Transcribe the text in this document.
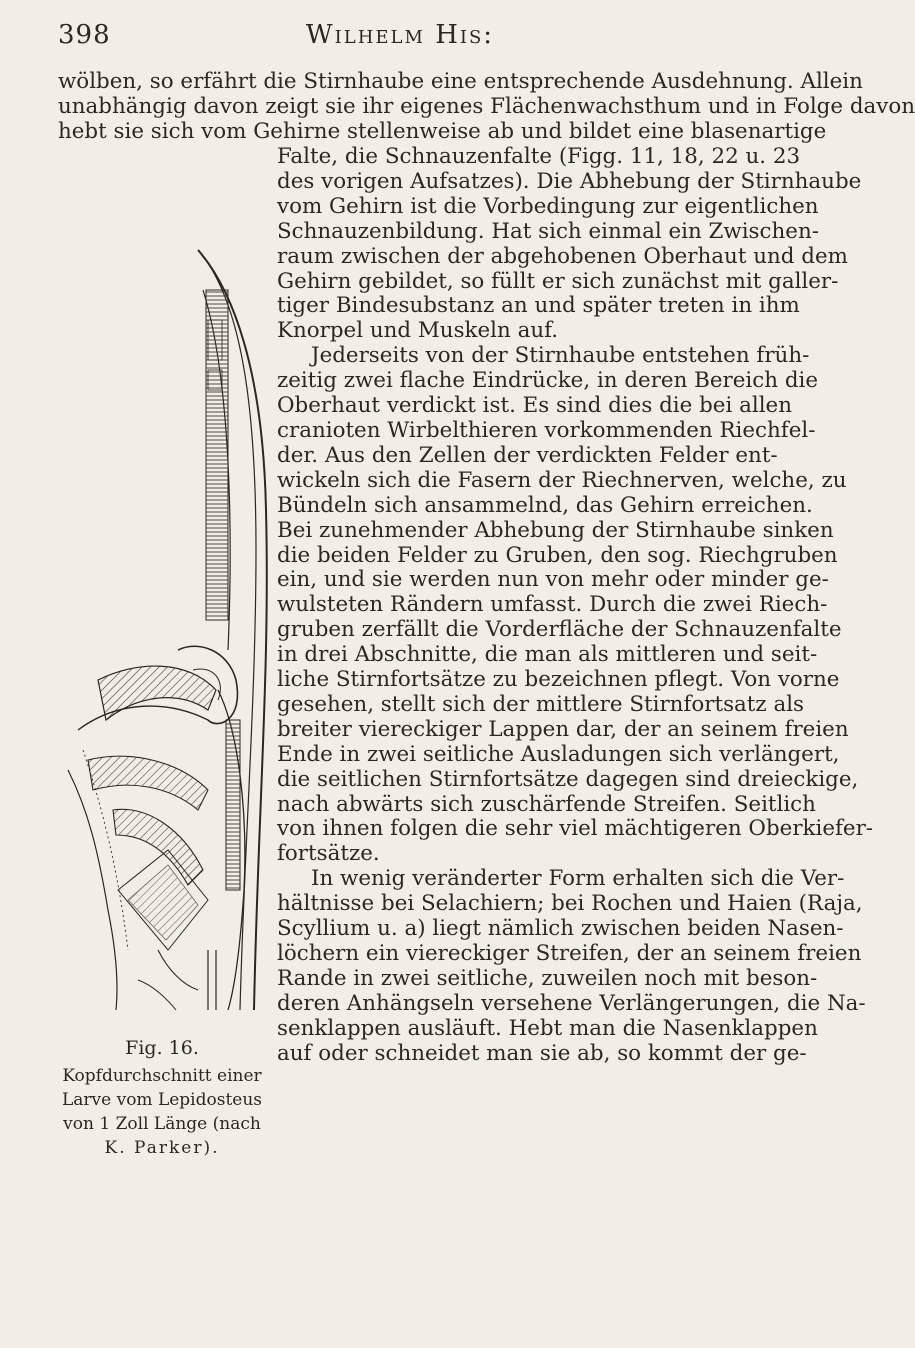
398	Wilhelm His:
wölben, so erfährt die Stirnhaube eine entsprechende Ausdehnung. Allein
unabhängig davon zeigt sie ihr eigenes Flächenwachsthum und in Folge davon
hebt sie sich vom Gehirne stellenweise ab und bildet eine blasenartige
Falte, die Schnauzenfalte (Figg. 11, 18, 22 u. 23
des vorigen Aufsatzes). Die Abhebung der Stirnhaube
vom Gehirn ist die Vorbedingung zur eigentlichen
Schnauzenbildung. Hat sich einmal ein Zwischen-
raum zwischen der abgehobenen Oberhaut und dem
Gehirn gebildet, so füllt er sich zunächst mit galler-
tiger Bindesubstanz an und später treten in ihm
Knorpel und Muskeln auf.
Jederseits von der Stirnhaube entstehen früh-
zeitig zwei flache Eindrücke, in deren Bereich die
Oberhaut verdickt ist. Es sind dies die bei allen
cranioten Wirbelthieren vorkommenden Riechfel-
der. Aus den Zellen der verdickten Felder ent-
wickeln sich die Fasern der Riechnerven, welche, zu
Bündeln sich ansammelnd, das Gehirn erreichen.
Bei zunehmender Abhebung der Stirnhaube sinken
die beiden Felder zu Gruben, den sog. Riechgruben
ein, und sie werden nun von mehr oder minder ge-
wulsteten Rändern umfasst. Durch die zwei Riech-
gruben zerfällt die Vorderfläche der Schnauzenfalte
in drei Abschnitte, die man als mittleren und seit-
liche Stirnfortsätze zu bezeichnen pflegt. Von vorne
gesehen, stellt sich der mittlere Stirnfortsatz als
breiter viereckiger Lappen dar, der an seinem freien
Ende in zwei seitliche Ausladungen sich verlängert,
die seitlichen Stirnfortsätze dagegen sind dreieckige,
nach abwärts sich zuschärfende Streifen. Seitlich
von ihnen folgen die sehr viel mächtigeren Oberkiefer-
fortsätze.
In wenig veränderter Form erhalten sich die Ver-
hältnisse bei Selachiern; bei Rochen und Haien (Raja,
Scyllium u. a) liegt nämlich zwischen beiden Nasen-
löchern ein viereckiger Streifen, der an seinem freien
Rande in zwei seitliche, zuweilen noch mit beson-
deren Anhängseln versehene Verlängerungen, die Na-
senklappen ausläuft. Hebt man die Nasenklappen
auf oder schneidet man sie ab, so kommt der ge-
Fig. 16.
Kopfdurchschnitt einer
Larve vom Lepidosteus
von 1 Zoll Länge (nach
K. Parker).
